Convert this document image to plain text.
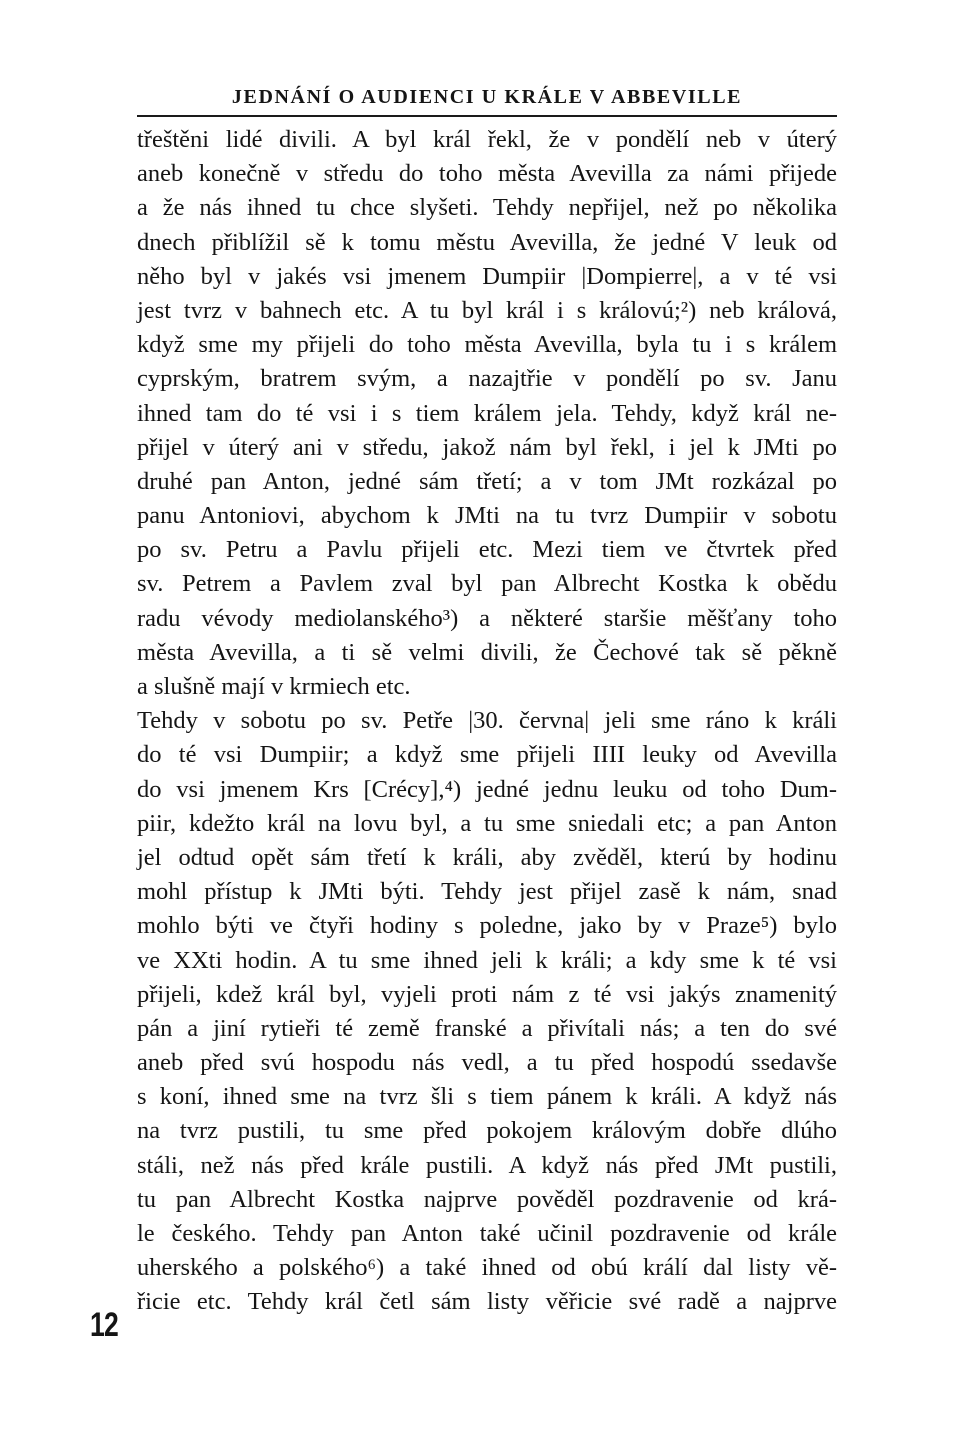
JEDNÁNÍ O AUDIENCI U KRÁLE V ABBEVILLE
třeštěni lidé divili. A byl král řekl, že v pondělí neb v úterý
aneb konečně v středu do toho města Avevilla za námi přijede
a že nás ihned tu chce slyšeti. Tehdy nepřijel, než po několika
dnech přiblížil sě k tomu městu Avevilla, že jedné V leuk od
něho byl v jakés vsi jmenem Dumpiir |Dompierre|, a v té vsi
jest tvrz v bahnech etc. A tu byl král i s královú;²) neb králová,
když sme my přijeli do toho města Avevilla, byla tu i s králem
cyprským, bratrem svým, a nazajtřie v pondělí po sv. Janu
ihned tam do té vsi i s tiem králem jela. Tehdy, když král ne-
přijel v úterý ani v středu, jakož nám byl řekl, i jel k JMti po
druhé pan Anton, jedné sám třetí; a v tom JMt rozkázal po
panu Antoniovi, abychom k JMti na tu tvrz Dumpiir v sobotu
po sv. Petru a Pavlu přijeli etc. Mezi tiem ve čtvrtek před
sv. Petrem a Pavlem zval byl pan Albrecht Kostka k obědu
radu vévody mediolanského³) a některé staršie měšťany toho
města Avevilla, a ti sě velmi divili, že Čechové tak sě pěkně
a slušně mají v krmiech etc.
Tehdy v sobotu po sv. Petře |30. června| jeli sme ráno k králi
do té vsi Dumpiir; a když sme přijeli IIII leuky od Avevilla
do vsi jmenem Krs [Crécy],⁴) jedné jednu leuku od toho Dum-
piir, kdežto král na lovu byl, a tu sme sniedali etc; a pan Anton
jel odtud opět sám třetí k králi, aby zvěděl, kterú by hodinu
mohl přístup k JMti býti. Tehdy jest přijel zasě k nám, snad
mohlo býti ve čtyři hodiny s poledne, jako by v Praze⁵) bylo
ve XXti hodin. A tu sme ihned jeli k králi; a kdy sme k té vsi
přijeli, kdež král byl, vyjeli proti nám z té vsi jakýs znamenitý
pán a jiní rytieři té země franské a přivítali nás; a ten do své
aneb před svú hospodu nás vedl, a tu před hospodú ssedavše
s koní, ihned sme na tvrz šli s tiem pánem k králi. A když nás
na tvrz pustili, tu sme před pokojem královým dobře dlúho
stáli, než nás před krále pustili. A když nás před JMt pustili,
tu pan Albrecht Kostka najprve pověděl pozdravenie od krá-
le českého. Tehdy pan Anton také učinil pozdravenie od krále
uherského a polského⁶) a také ihned od obú králí dal listy vě-
řicie etc. Tehdy král četl sám listy věřicie své radě a najprve
12
